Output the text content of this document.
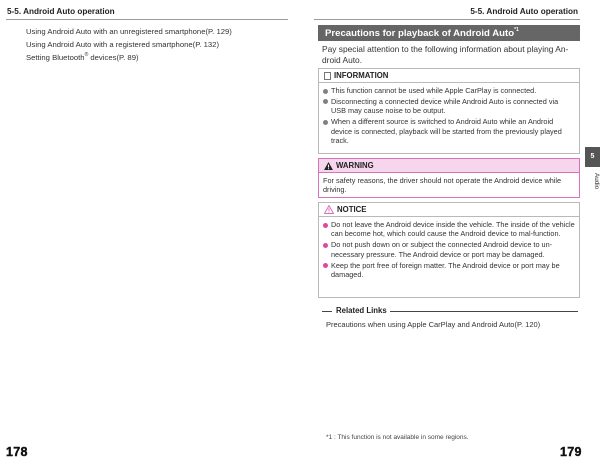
5-5. Android Auto operation	5-5. Android Auto operation
Using Android Auto with an unregistered smartphone(P. 129)
Using Android Auto with a registered smartphone(P. 132)
Setting Bluetooth® devices(P. 89)
Precautions for playback of Android Auto$^{*1}$
Pay special attention to the following information about playing An-droid Auto.
INFORMATION
This function cannot be used while Apple CarPlay is connected.
Disconnecting a connected device while Android Auto is connected via USB may cause noise to be output.
When a different source is switched to Android Auto while an Android device is connected, playback will be started from the previously played track.
WARNING
For safety reasons, the driver should not operate the Android device while driving.
NOTICE
Do not leave the Android device inside the vehicle. The inside of the vehicle can become hot, which could cause the Android device to mal-function.
Do not push down on or subject the connected Android device to un-necessary pressure. The Android device or port may be damaged.
Keep the port free of foreign matter. The Android device or port may be damaged.
Related Links
Precautions when using Apple CarPlay and Android Auto(P. 120)
5
Audio
*1 : This function is not available in some regions.
178	179
